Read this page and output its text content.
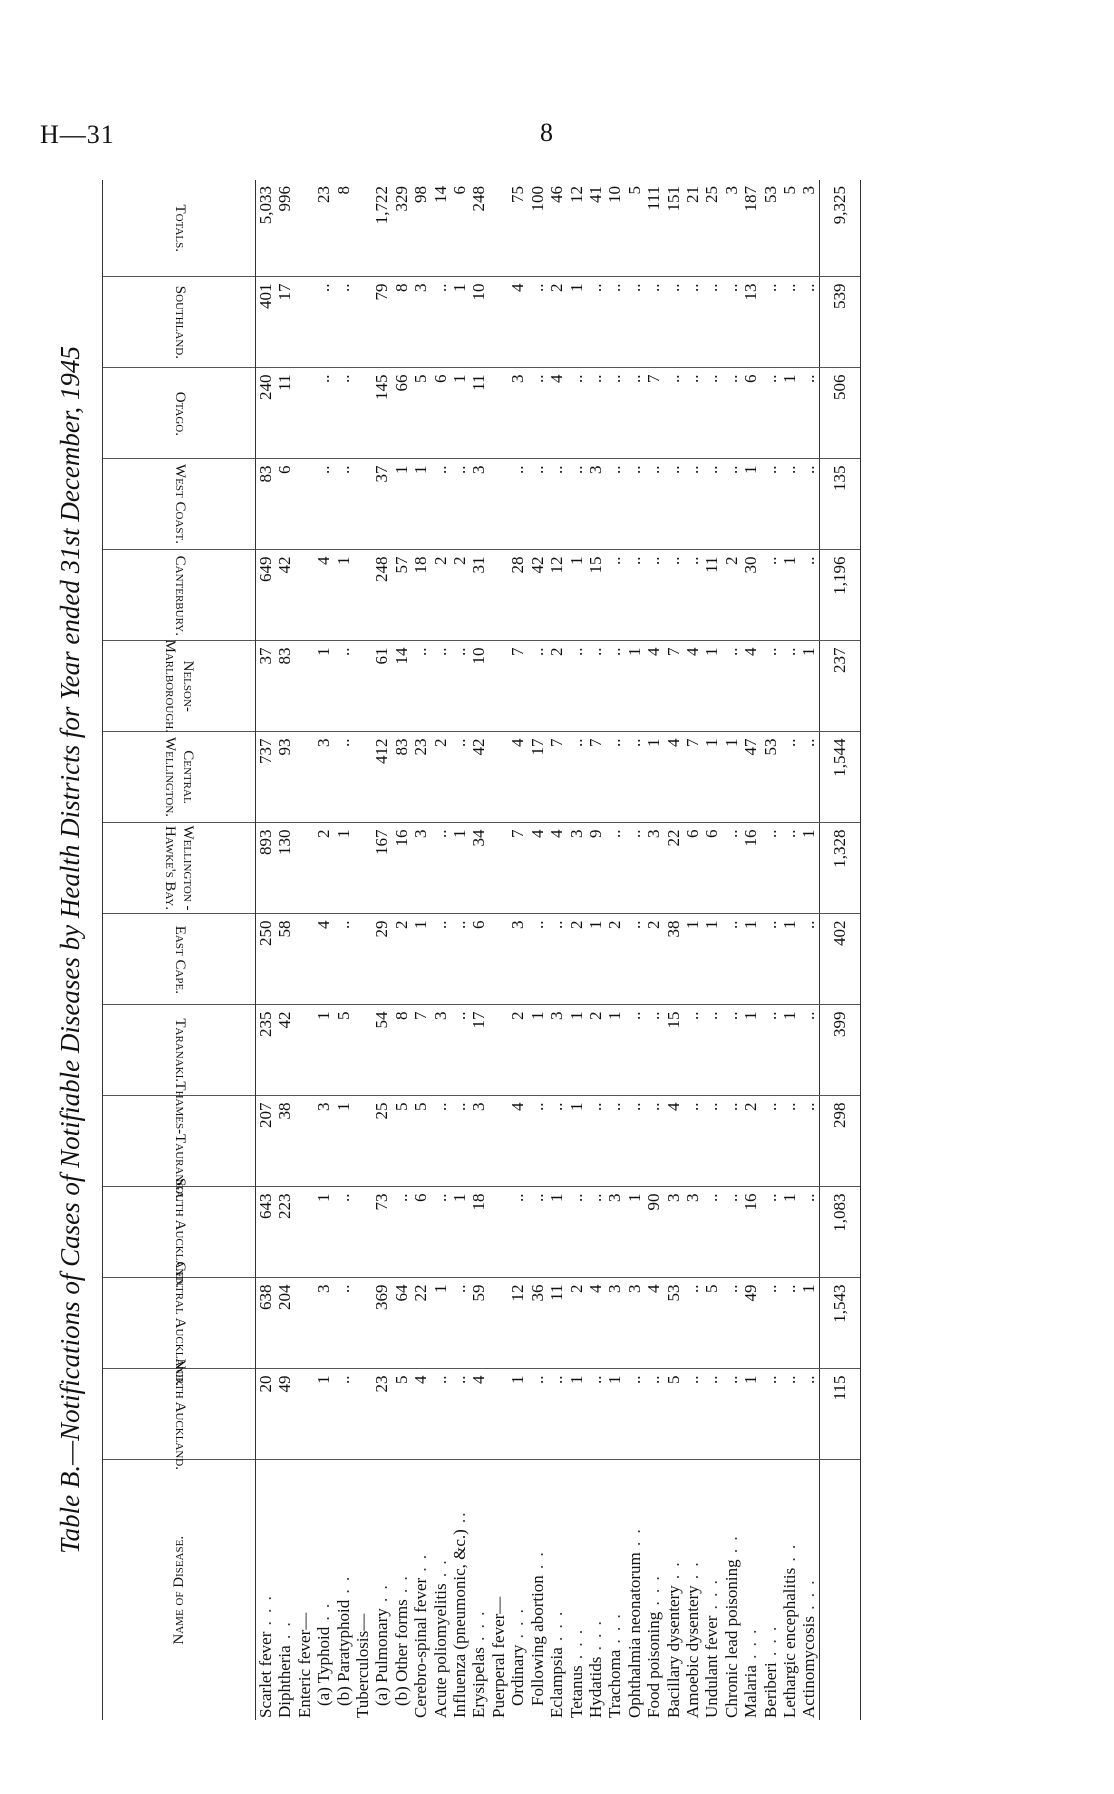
H—31	8
Table B.—Notifications of Cases of Notifiable Diseases by Health Districts for Year ended 31st December, 1945
Name of Disease.	North Auckland.	Central Auckland.	South Auckland.	Thames-Tauranga.	Taranaki.	East Cape.	Wellington - Hawke's Bay.	Central Wellington.	Nelson-Marlborough.	Canterbury.	West Coast.	Otago.	Southland.	Totals.

Scarlet fever . . .	20	638	643	207	235	250	893	737	37	649	83	240	401	5,033
Diphtheria . .	49	204	223	38	42	58	130	93	83	42	6	11	17	996
Enteric fever—														
(a) Typhoid . .	1	3	1	3	1	4	2	3	1	4	..	..	..	23
(b) Paratyphoid . .	..	..	..	1	5	..	1	..	..	1	..	..	..	8
Tuberculosis—														
(a) Pulmonary . .	23	369	73	25	54	29	167	412	61	248	37	145	79	1,722
(b) Other forms . .	5	64	..	5	8	2	16	83	14	57	1	66	8	329
Cerebro-spinal fever . .	4	22	6	5	7	1	3	23	..	18	1	5	3	98
Acute poliomyelitis . .	..	1	..	..	3	..	..	2	..	2	..	6	..	14
Influenza (pneumonic, &c.) ..	..	..	1	..	..	..	1	..	..	2	..	1	1	6
Erysipelas . . .	4	59	18	3	17	6	34	42	10	31	3	11	10	248
Puerperal fever—														
Ordinary . . .	1	12	..	4	2	3	7	4	7	28	..	3	4	75
Following abortion . .	..	36	..	..	1	..	4	17	..	42	..	..	..	100
Eclampsia . . .	..	11	1	..	3	..	4	7	2	12	..	4	2	46
Tetanus . . .	1	2	..	1	1	2	3	..	..	1	..	..	1	12
Hydatids . . .	..	4	..	..	2	1	9	7	..	15	3	..	..	41
Trachoma . . .	1	3	3	..	1	2	..	..	..	..	..	..	..	10
Ophthalmia neonatorum . .	..	3	1	..	..	..	..	..	1	..	..	..	..	5
Food poisoning . . .	..	4	90	..	..	2	3	1	4	..	..	7	..	111
Bacillary dysentery . .	5	53	3	4	15	38	22	4	7	..	..	..	..	151
Amoebic dysentery . .	..	..	3	..	..	1	6	7	4	..	..	..	..	21
Undulant fever . . .	..	5	..	..	..	1	6	1	1	11	..	..	..	25
Chronic lead poisoning . .	..	..	..	..	..	..	..	1	..	2	..	..	..	3
Malaria . . .	1	49	16	2	1	1	16	47	4	30	1	6	13	187
Beriberi . . .	..	..	..	..	..	..	..	53	..	..	..	..	..	53
Lethargic encephalitis . .	..	..	1	..	1	1	..	..	..	1	..	1	..	5
Actinomycosis . . .	..	1	..	..	..	..	1	..	1	..	..	..	..	3
	115	1,543	1,083	298	399	402	1,328	1,544	237	1,196	135	506	539	9,325
